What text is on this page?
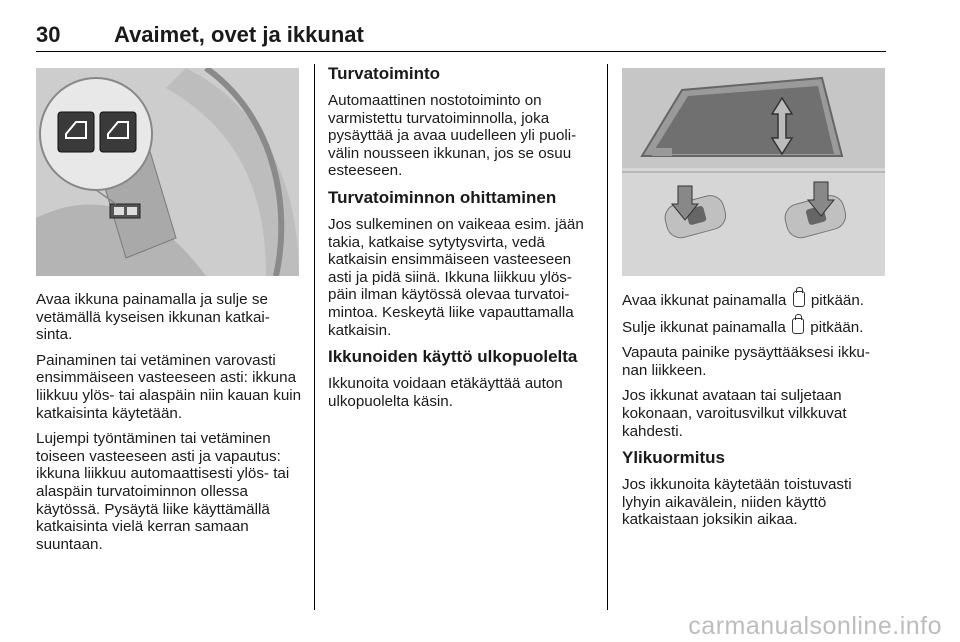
30 Avaimet, ovet ja ikkunat

Avaa ikkuna painamalla ja sulje se vetämällä kyseisen ikkunan katkai-sinta.

Painaminen tai vetäminen varovasti ensimmäiseen vasteeseen asti: ikkuna liikkuu ylös- tai alaspäin niin kauan kuin katkaisinta käytetään.

Lujempi työntäminen tai vetäminen toiseen vasteeseen asti ja vapautus: ikkuna liikkuu automaattisesti ylös- tai alaspäin turvatoiminnon ollessa käytössä. Pysäytä liike käyttämällä katkaisinta vielä kerran samaan suuntaan.

Turvatoiminto

Automaattinen nostotoiminto on varmistettu turvatoiminnolla, joka pysäyttää ja avaa uudelleen yli puoli-välin nousseen ikkunan, jos se osuu esteeseen.

Turvatoiminnon ohittaminen

Jos sulkeminen on vaikeaa esim. jään takia, katkaise sytytysvirta, vedä katkaisin ensimmäiseen vasteeseen asti ja pidä siinä. Ikkuna liikkuu ylös-päin ilman käytössä olevaa turvatoi-mintoa. Keskeytä liike vapauttamalla katkaisin.

Ikkunoiden käyttö ulkopuolelta

Ikkunoita voidaan etäkäyttää auton ulkopuolelta käsin.

Avaa ikkunat painamalla pitkään.

Sulje ikkunat painamalla pitkään.

Vapauta painike pysäyttääksesi ikku-nan liikkeen.

Jos ikkunat avataan tai suljetaan kokonaan, varoitusvilkut vilkkuvat kahdesti.

Ylikuormitus

Jos ikkunoita käytetään toistuvasti lyhyin aikavälein, niiden käyttö katkaistaan joksikin aikaa.

carmanualsonline.info
